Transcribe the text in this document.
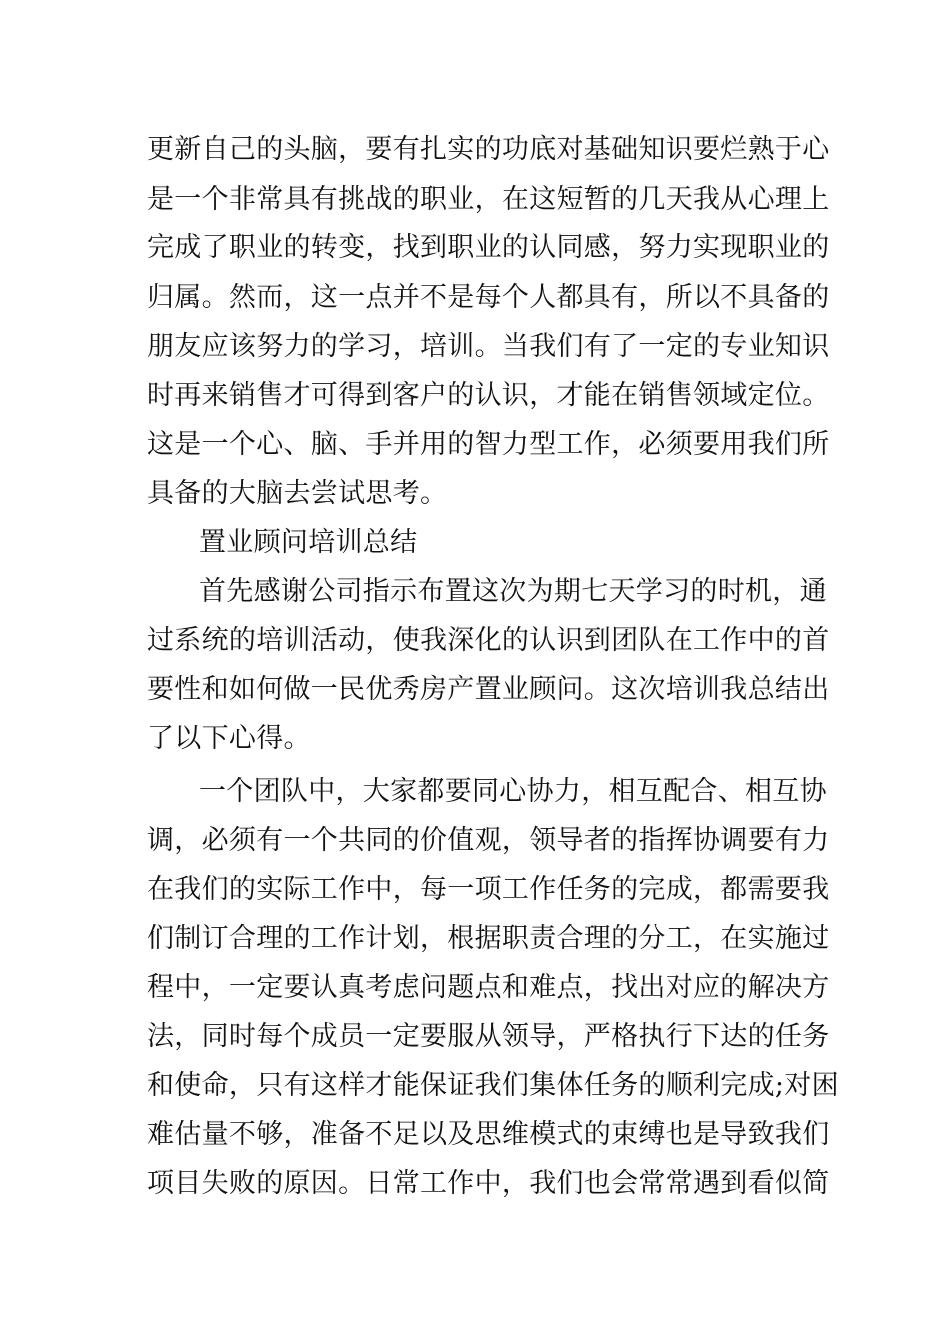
更新自己的头脑，要有扎实的功底对基础知识要烂熟于心
是一个非常具有挑战的职业，在这短暂的几天我从心理上
完成了职业的转变，找到职业的认同感，努力实现职业的
归属。然而，这一点并不是每个人都具有，所以不具备的
朋友应该努力的学习，培训。当我们有了一定的专业知识
时再来销售才可得到客户的认识，才能在销售领域定位。
这是一个心、脑、手并用的智力型工作，必须要用我们所
具备的大脑去尝试思考。
置业顾问培训总结
首先感谢公司指示布置这次为期七天学习的时机，通
过系统的培训活动，使我深化的认识到团队在工作中的首
要性和如何做一民优秀房产置业顾问。这次培训我总结出
了以下心得。
一个团队中，大家都要同心协力，相互配合、相互协
调，必须有一个共同的价值观，领导者的指挥协调要有力
在我们的实际工作中，每一项工作任务的完成，都需要我
们制订合理的工作计划，根据职责合理的分工，在实施过
程中，一定要认真考虑问题点和难点，找出对应的解决方
法，同时每个成员一定要服从领导，严格执行下达的任务
和使命，只有这样才能保证我们集体任务的顺利完成;对困
难估量不够，准备不足以及思维模式的束缚也是导致我们
项目失败的原因。日常工作中，我们也会常常遇到看似简
